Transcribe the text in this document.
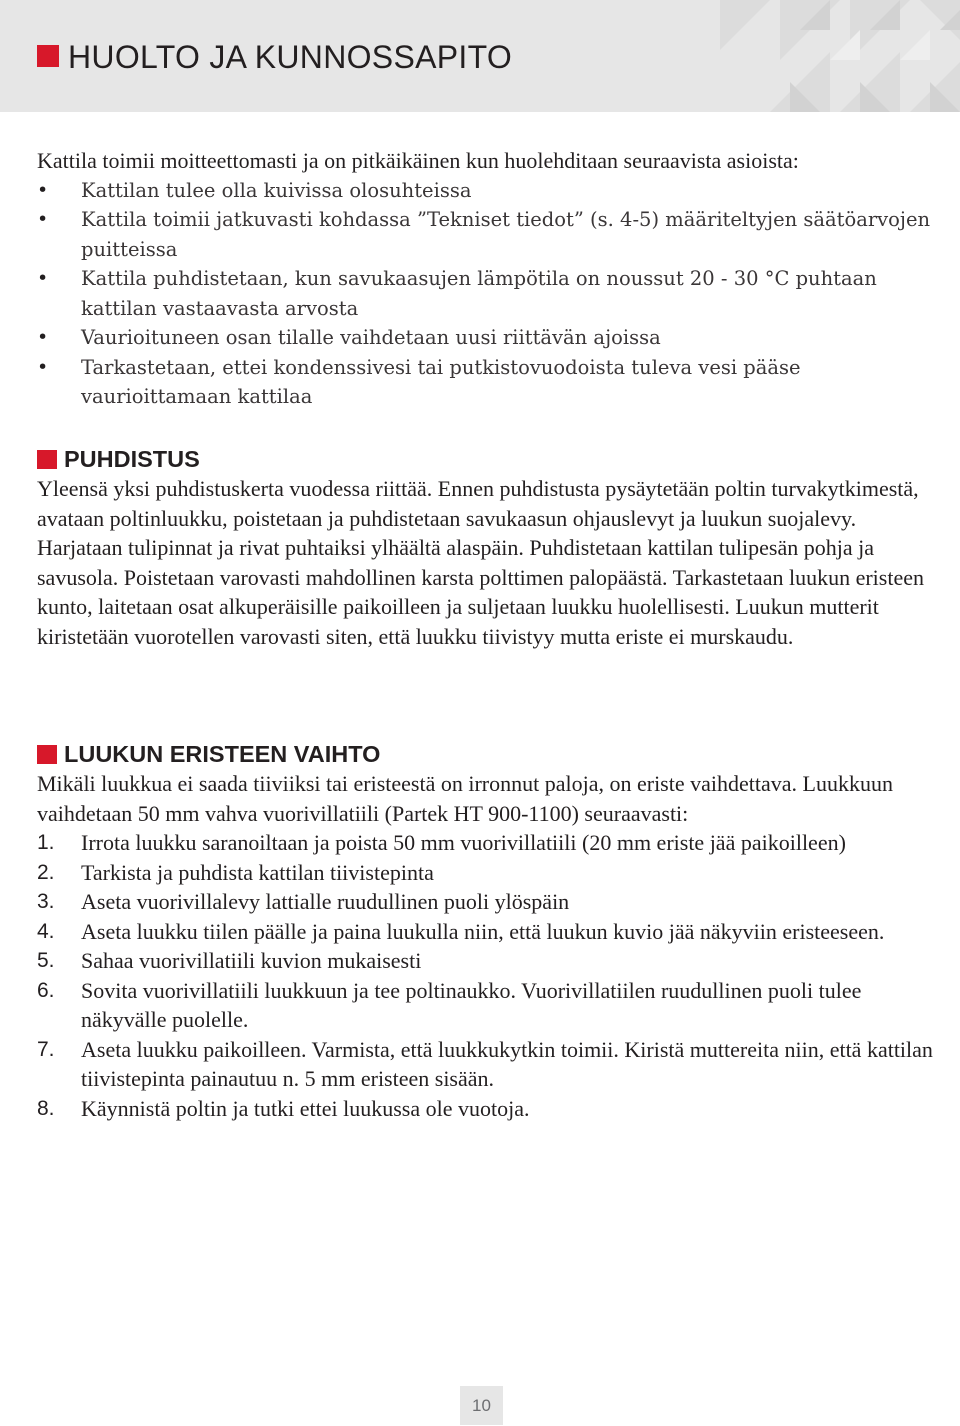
HUOLTO JA KUNNOSSAPITO

Kattila toimii moitteettomasti ja on pitkäikäinen kun huolehditaan seuraavista asioista:

•	Kattilan tulee olla kuivissa olosuhteissa
•	Kattila toimii jatkuvasti kohdassa ”Tekniset tiedot” (s. 4-5) määriteltyjen säätöarvojen puitteissa
•	Kattila puhdistetaan, kun savukaasujen lämpötila on noussut 20 - 30 °C puhtaan kattilan vastaavasta arvosta
•	Vaurioituneen osan tilalle vaihdetaan uusi riittävän ajoissa
•	Tarkastetaan, ettei kondenssivesi tai putkistovuodoista tuleva vesi pääse vaurioittamaan kattilaa
PUHDISTUS

Yleensä yksi puhdistuskerta vuodessa riittää. Ennen puhdistusta pysäytetään poltin turvakytkimestä, avataan poltinluukku, poistetaan ja puhdistetaan savukaasun ohjauslevyt ja luukun suojalevy. Harjataan tulipinnat ja rivat puhtaiksi ylhäältä alaspäin. Puhdistetaan kattilan tulipesän pohja ja savusola. Poistetaan varovasti mahdollinen karsta polttimen palopäästä. Tarkastetaan luukun eristeen kunto, laitetaan osat alkuperäisille paikoilleen ja suljetaan luukku huolellisesti. Luukun mutterit kiristetään vuorotellen varovasti siten, että luukku tiivistyy mutta eriste ei murskaudu.

LUUKUN ERISTEEN VAIHTO

Mikäli luukkua ei saada tiiviiksi tai eristeestä on irronnut paloja, on eriste vaihdettava. Luukkuun vaihdetaan 50 mm vahva vuorivillatiili (Partek HT 900-1100) seuraavasti:

1. Irrota luukku saranoiltaan ja poista 50 mm vuorivillatiili (20 mm eriste jää paikoilleen)
2. Tarkista ja puhdista kattilan tiivistepinta
3. Aseta vuorivillalevy lattialle ruudullinen puoli ylöspäin
4. Aseta luukku tiilen päälle ja paina luukulla niin, että luukun kuvio jää näkyviin eristeeseen.
5. Sahaa vuorivillatiili kuvion mukaisesti
6. Sovita vuorivillatiili luukkuun ja tee poltinaukko. Vuorivillatiilen ruudullinen puoli tulee näkyvälle puolelle.
7. Aseta luukku paikoilleen. Varmista, että luukkukytkin toimii. Kiristä muttereita niin, että kattilan tiivistepinta painautuu n. 5 mm eristeen sisään.
8. Käynnistä poltin ja tutki ettei luukussa ole vuotoja.
10
